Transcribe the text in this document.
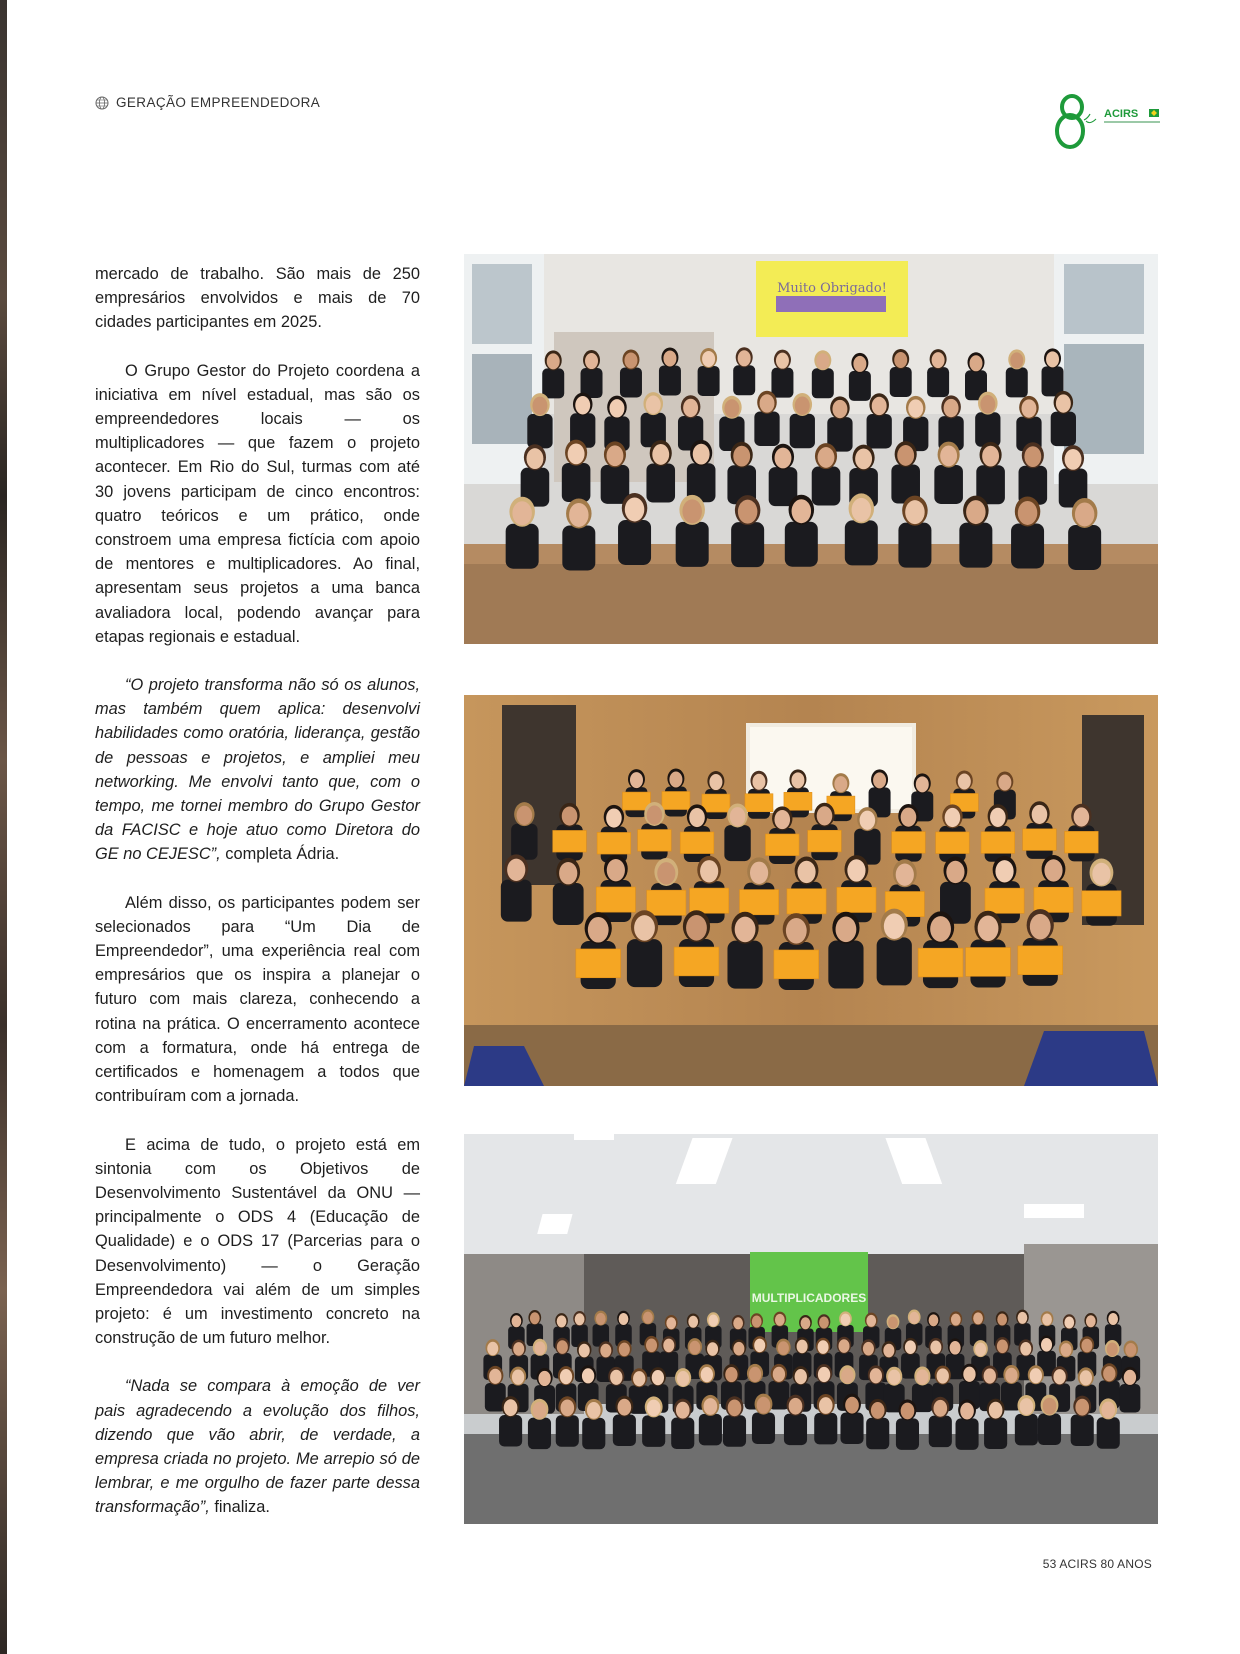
GERAÇÃO EMPREENDEDORA
ACIRS

mercado de trabalho. São mais de 250 empresários envolvidos e mais de 70 cidades participantes em 2025.

O Grupo Gestor do Projeto coordena a iniciativa em nível estadual, mas são os empreendedores locais — os multiplicadores — que fazem o projeto acontecer. Em Rio do Sul, turmas com até 30 jovens participam de cinco encontros: quatro teóricos e um prático, onde constroem uma empresa fictícia com apoio de mentores e multiplicadores. Ao final, apresentam seus projetos a uma banca avaliadora local, podendo avançar para etapas regionais e estadual.

“O projeto transforma não só os alunos, mas também quem aplica: desenvolvi habilidades como oratória, liderança, gestão de pessoas e projetos, e ampliei meu networking. Me envolvi tanto que, com o tempo, me tornei membro do Grupo Gestor da FACISC e hoje atuo como Diretora do GE no CEJESC”, completa Ádria.

Além disso, os participantes podem ser selecionados para “Um Dia de Empreendedor”, uma experiência real com empresários que os inspira a planejar o futuro com mais clareza, conhecendo a rotina na prática. O encerramento acontece com a formatura, onde há entrega de certificados e homenagem a todos que contribuíram com a jornada.

E acima de tudo, o projeto está em sintonia com os Objetivos de Desenvolvimento Sustentável da ONU — principalmente o ODS 4 (Educação de Qualidade) e o ODS 17 (Parcerias para o Desenvolvimento) — o Geração Empreendedora vai além de um simples projeto: é um investimento concreto na construção de um futuro melhor.

“Nada se compara à emoção de ver pais agradecendo a evolução dos filhos, dizendo que vão abrir, de verdade, a empresa criada no projeto. Me arrepio só de lembrar, e me orgulho de fazer parte dessa transformação”, finaliza.

Muito Obrigado!
MULTIPLICADORES
53 ACIRS 80 ANOS
